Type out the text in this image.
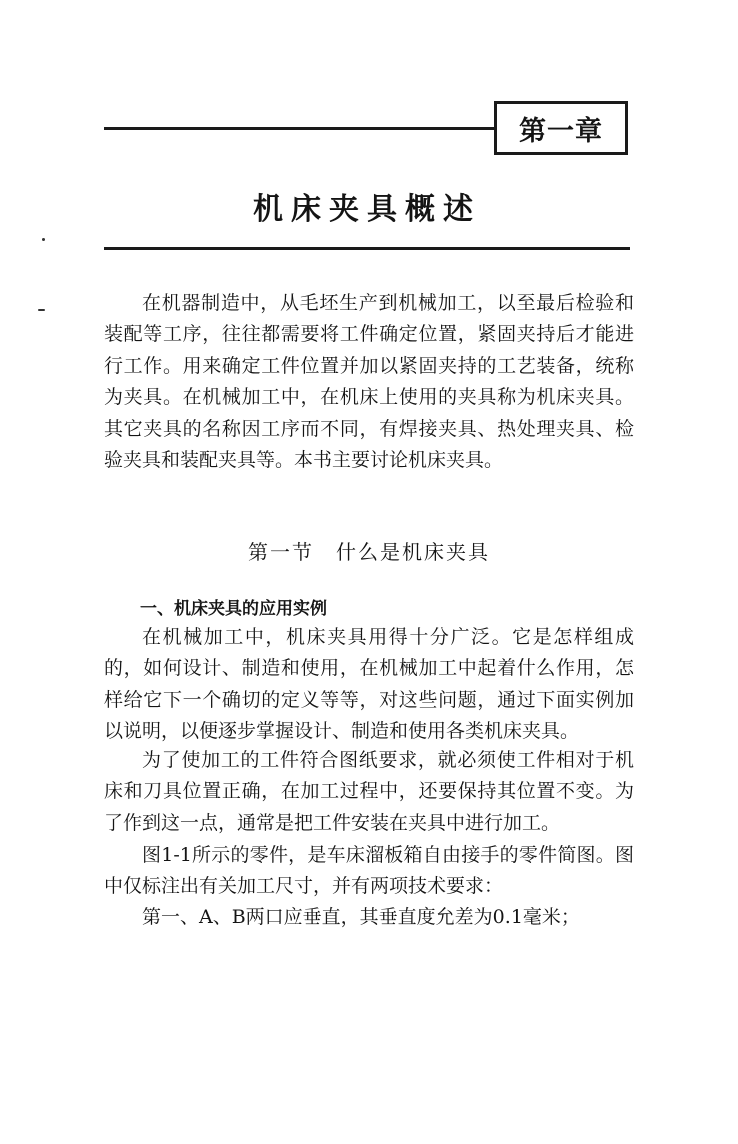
第一章
机床夹具概述

在机器制造中，从毛坯生产到机械加工，以至最后检验和装配等工序，往往都需要将工件确定位置，紧固夹持后才能进行工作。用来确定工件位置并加以紧固夹持的工艺装备，统称为夹具。在机械加工中，在机床上使用的夹具称为机床夹具。其它夹具的名称因工序而不同，有焊接夹具、热处理夹具、检验夹具和装配夹具等。本书主要讨论机床夹具。

第一节　什么是机床夹具
一、机床夹具的应用实例

在机械加工中，机床夹具用得十分广泛。它是怎样组成的，如何设计、制造和使用，在机械加工中起着什么作用，怎样给它下一个确切的定义等等，对这些问题，通过下面实例加以说明，以便逐步掌握设计、制造和使用各类机床夹具。

为了使加工的工件符合图纸要求，就必须使工件相对于机床和刀具位置正确，在加工过程中，还要保持其位置不变。为了作到这一点，通常是把工件安装在夹具中进行加工。

图1-1所示的零件，是车床溜板箱自由接手的零件简图。图中仅标注出有关加工尺寸，并有两项技术要求：

第一、A、B两口应垂直，其垂直度允差为0.1毫米；
